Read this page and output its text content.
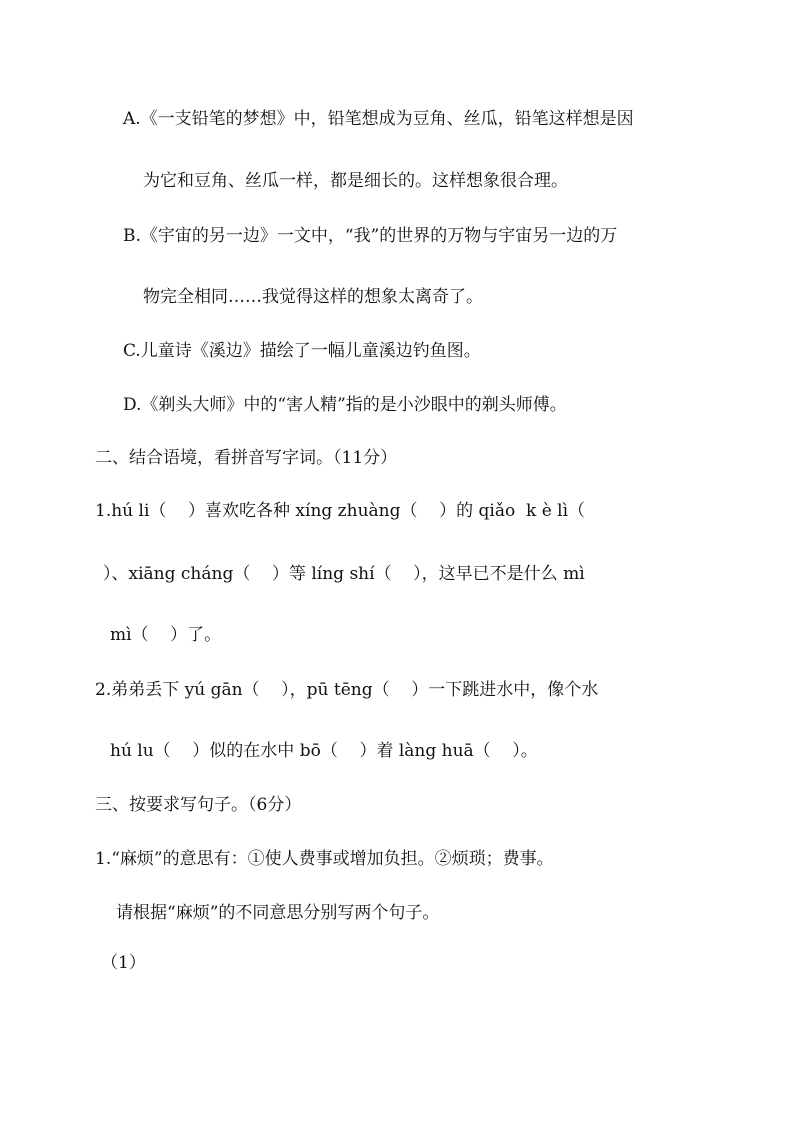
A.《一支铅笔的梦想》中，铅笔想成为豆角、丝瓜，铅笔这样想是因
为它和豆角、丝瓜一样，都是细长的。这样想象很合理。
B.《宇宙的另一边》一文中，“我”的世界的万物与宇宙另一边的万
物完全相同……我觉得这样的想象太离奇了。
C.儿童诗《溪边》描绘了一幅儿童溪边钓鱼图。
D.《剃头大师》中的“害人精”指的是小沙眼中的剃头师傅。
二、结合语境，看拼音写字词。（11分）
1.hú li（    ）喜欢吃各种 xíng zhuàng（    ）的 qiǎo  k è lì（
）、xiāng cháng（    ）等 líng shí（    ），这早已不是什么 mì
mì（    ）了。
2.弟弟丢下 yú gān（    ），pū tēng（    ）一下跳进水中，像个水
hú lu（    ）似的在水中 bō（    ）着 làng huā（    ）。
三、按要求写句子。（6分）
1.“麻烦”的意思有：①使人费事或增加负担。②烦琐；费事。
请根据“麻烦”的不同意思分别写两个句子。
（1）
